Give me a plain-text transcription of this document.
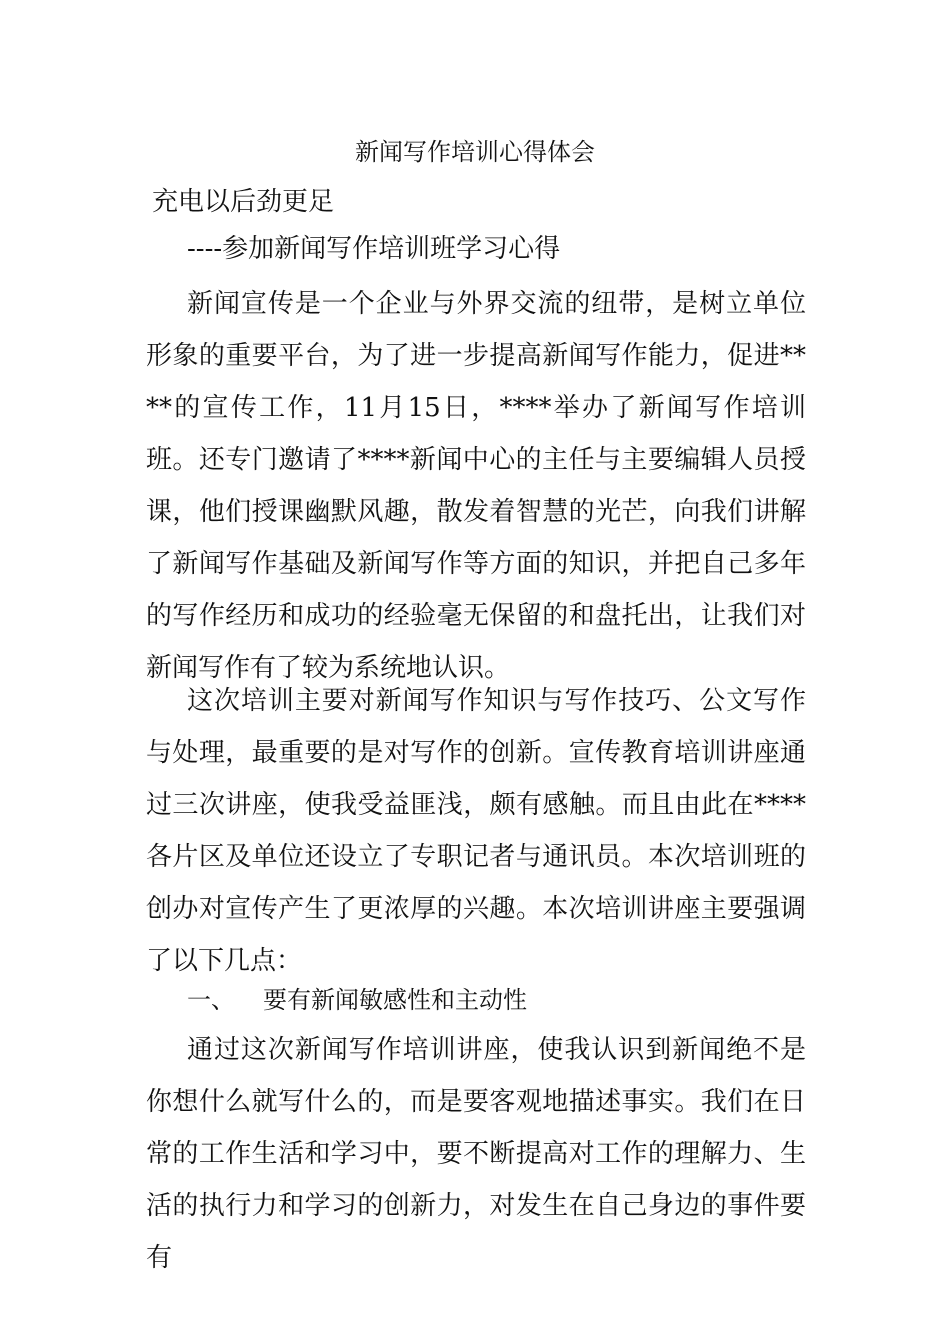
新闻写作培训心得体会

充电以后劲更足

----参加新闻写作培训班学习心得

新闻宣传是一个企业与外界交流的纽带，是树立单位形象的重要平台，为了进一步提高新闻写作能力，促进****的宣传工作，11月15日，****举办了新闻写作培训班。还专门邀请了****新闻中心的主任与主要编辑人员授课，他们授课幽默风趣，散发着智慧的光芒，向我们讲解了新闻写作基础及新闻写作等方面的知识，并把自己多年的写作经历和成功的经验毫无保留的和盘托出，让我们对新闻写作有了较为系统地认识。

这次培训主要对新闻写作知识与写作技巧、公文写作与处理，最重要的是对写作的创新。宣传教育培训讲座通过三次讲座，使我受益匪浅，颇有感触。而且由此在****各片区及单位还设立了专职记者与通讯员。本次培训班的创办对宣传产生了更浓厚的兴趣。本次培训讲座主要强调了以下几点：

一、 要有新闻敏感性和主动性

通过这次新闻写作培训讲座，使我认识到新闻绝不是你想什么就写什么的，而是要客观地描述事实。我们在日常的工作生活和学习中，要不断提高对工作的理解力、生活的执行力和学习的创新力，对发生在自己身边的事件要有
